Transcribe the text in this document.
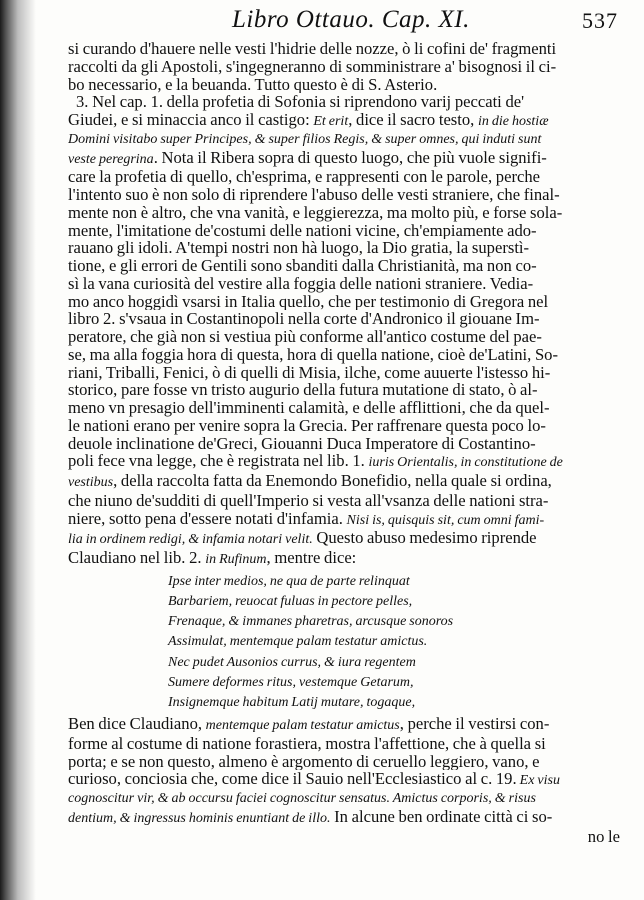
Libro Ottauo. Cap. XI.	537
si curando d'hauere nelle vesti l'hidrie delle nozze, ò li cofini de' fragmenti
raccolti da gli Apostoli, s'ingegneranno di somministrare a' bisognosi il ci-
bo necessario, e la beuanda. Tutto questo è di S. Asterio.
3. Nel cap. 1. della profetia di Sofonia si riprendono varij peccati de'
Giudei, e si minaccia anco il castigo: Et erit, dice il sacro testo, in die hostiæ
Domini visitabo super Principes, & super filios Regis, & super omnes, qui induti sunt
veste peregrina. Nota il Ribera sopra di questo luogo, che più vuole signifi-
care la profetia di quello, ch'esprima, e rappresenti con le parole, perche
l'intento suo è non solo di riprendere l'abuso delle vesti straniere, che final-
mente non è altro, che vna vanità, e leggierezza, ma molto più, e forse sola-
mente, l'imitatione de'costumi delle nationi vicine, ch'empiamente ado-
rauano gli idoli. A'tempi nostri non hà luogo, la Dio gratia, la superstì-
tione, e gli errori de Gentili sono sbanditi dalla Christianità, ma non co-
sì la vana curiosità del vestire alla foggia delle nationi straniere. Vedia-
mo anco hoggidì vsarsi in Italia quello, che per testimonio di Gregora nel
libro 2. s'vsaua in Costantinopoli nella corte d'Andronico il giouane Im-
peratore, che già non si vestiua più conforme all'antico costume del pae-
se, ma alla foggia hora di questa, hora di quella natione, cioè de'Latini, So-
riani, Triballi, Fenici, ò di quelli di Misia, ilche, come auuerte l'istesso hi-
storico, pare fosse vn tristo augurio della futura mutatione di stato, ò al-
meno vn presagio dell'imminenti calamità, e delle afflittioni, che da quel-
le nationi erano per venire sopra la Grecia. Per raffrenare questa poco lo-
deuole inclinatione de'Greci, Giouanni Duca Imperatore di Costantino-
poli fece vna legge, che è registrata nel lib. 1. iuris Orientalis, in constitutione de
vestibus, della raccolta fatta da Enemondo Bonefidio, nella quale si ordina,
che niuno de'sudditi di quell'Imperio si vesta all'vsanza delle nationi stra-
niere, sotto pena d'essere notati d'infamia. Nisi is, quisquis sit, cum omni fami-
lia in ordinem redigi, & infamia notari velit. Questo abuso medesimo riprende
Claudiano nel lib. 2. in Rufinum, mentre dice:
Ipse inter medios, ne qua de parte relinquat
Barbariem, reuocat fuluas in pectore pelles,
Frenaque, & immanes pharetras, arcusque sonoros
Assimulat, mentemque palam testatur amictus.
Nec pudet Ausonios currus, & iura regentem
Sumere deformes ritus, vestemque Getarum,
Insignemque habitum Latij mutare, togaque,
Ben dice Claudiano, mentemque palam testatur amictus, perche il vestirsi con-
forme al costume di natione forastiera, mostra l'affettione, che à quella si
porta; e se non questo, almeno è argomento di ceruello leggiero, vano, e
curioso, conciosia che, come dice il Sauio nell'Ecclesiastico al c. 19. Ex visu
cognoscitur vir, & ab occursu faciei cognoscitur sensatus. Amictus corporis, & risus
dentium, & ingressus hominis enuntiant de illo. In alcune ben ordinate città ci so-
no le
